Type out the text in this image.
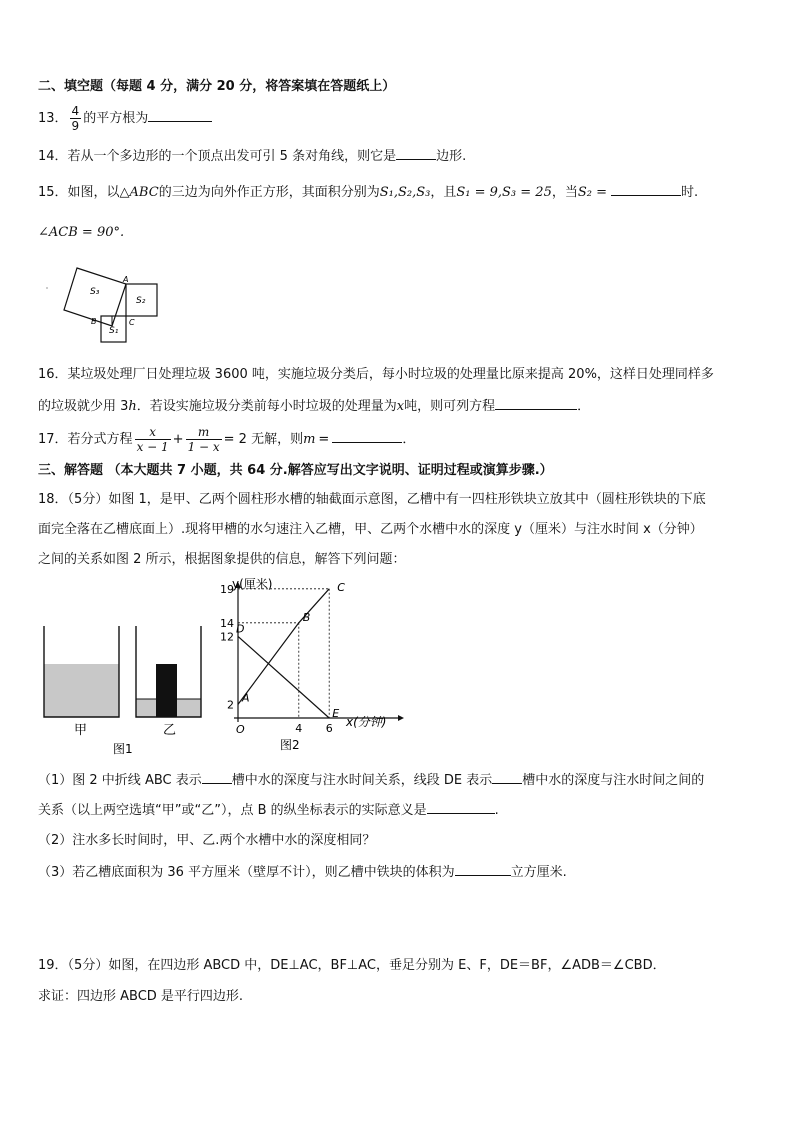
二、填空题（每题 4 分，满分 20 分，将答案填在答题纸上）
13． $\frac{4}{9}$ 的平方根为
14．若从一个多边形的一个顶点出发可引 5 条对角线，则它是	边形.
15．如图，以△ABC的三边为向外作正方形，其面积分别为S₁,S₂,S₃，且S₁ = 9,S₃ = 25，当S₂ =	时.
∠ACB = 90°.
S₃
S₂
S₁
A
B	C
16．某垃圾处理厂日处理垃圾 3600 吨，实施垃圾分类后，每小时垃圾的处理量比原来提高 20%，这样日处理同样多
的垃圾就少用 3h．若设实施垃圾分类前每小时垃圾的处理量为x吨，则可列方程	．
17．若分式方程 $\frac{x}{x - 1} + \frac{m}{1 - x} = 2$ 无解，则m =	．
三、解答题 （本大题共 7 小题，共 64 分.解答应写出文字说明、证明过程或演算步骤.）
18．（5分）如图 1，是甲、乙两个圆柱形水槽的轴截面示意图，乙槽中有一四柱形铁块立放其中（圆柱形铁块的下底
面完全落在乙槽底面上）.现将甲槽的水匀速注入乙槽，甲、乙两个水槽中水的深度 y（厘米）与注水时间 x（分钟）
之间的关系如图 2 所示，根据图象提供的信息，解答下列问题：
甲	乙
图1
y(厘米)
x(分钟)
O
图2
2
12
14
19
4 6
A
B
C
D
E
（1）图 2 中折线 ABC 表示 槽中水的深度与注水时间关系，线段 DE 表示 槽中水的深度与注水时间之间的
关系（以上两空选填“甲”或“乙”），点 B 的纵坐标表示的实际意义是	.
（2）注水多长时间时，甲、乙.两个水槽中水的深度相同？
（3）若乙槽底面积为 36 平方厘米（壁厚不计），则乙槽中铁块的体积为	立方厘米.
19．（5分）如图，在四边形 ABCD 中，DE⊥AC，BF⊥AC，垂足分别为 E、F，DE＝BF，∠ADB＝∠CBD．
求证：四边形 ABCD 是平行四边形.
